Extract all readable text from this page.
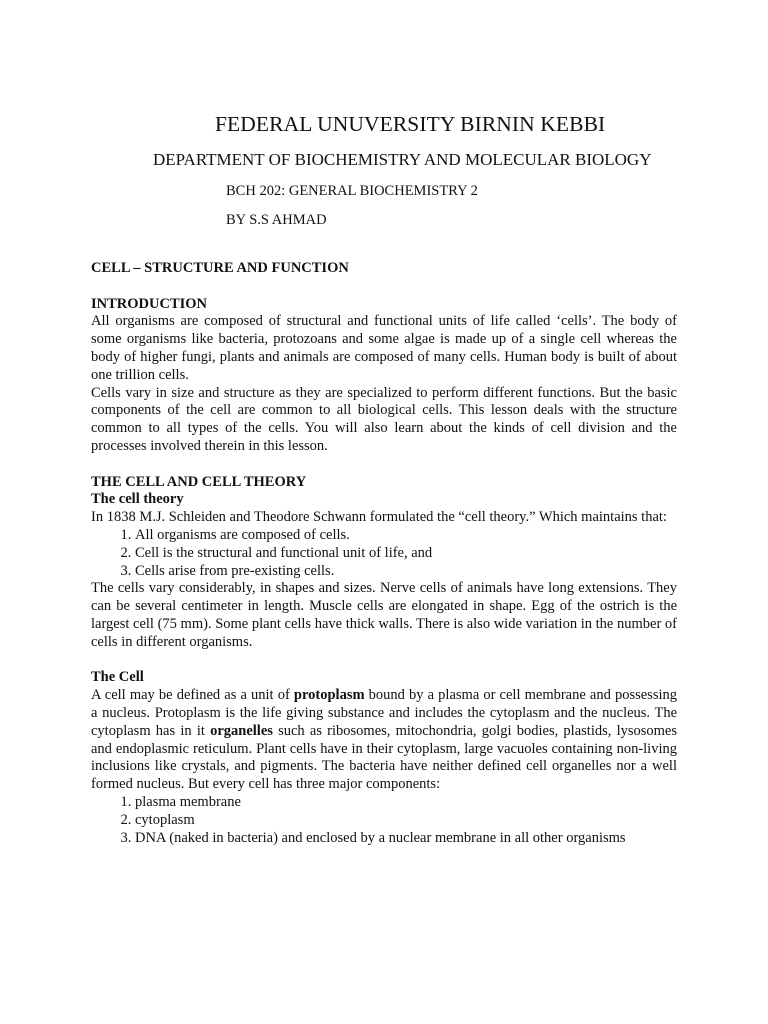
FEDERAL UNUVERSITY BIRNIN KEBBI
DEPARTMENT OF BIOCHEMISTRY AND MOLECULAR BIOLOGY
BCH 202: GENERAL BIOCHEMISTRY 2
BY S.S AHMAD
CELL – STRUCTURE AND FUNCTION
INTRODUCTION

All organisms are composed of structural and functional units of life called ‘cells’. The body of some organisms like bacteria, protozoans and some algae is made up of a single cell whereas the body of higher fungi, plants and animals are composed of many cells. Human body is built of about one trillion cells.

Cells vary in size and structure as they are specialized to perform different functions. But the basic components of the cell are common to all biological cells. This lesson deals with the structure common to all types of the cells. You will also learn about the kinds of cell division and the processes involved therein in this lesson.

THE CELL AND CELL THEORY
The cell theory

In 1838 M.J. Schleiden and Theodore Schwann formulated the “cell theory.” Which maintains that:

1. All organisms are composed of cells.
2. Cell is the structural and functional unit of life, and
3. Cells arise from pre-existing cells.

The cells vary considerably, in shapes and sizes. Nerve cells of animals have long extensions. They can be several centimeter in length. Muscle cells are elongated in shape. Egg of the ostrich is the largest cell (75 mm). Some plant cells have thick walls. There is also wide variation in the number of cells in different organisms.

The Cell

A cell may be defined as a unit of protoplasm bound by a plasma or cell membrane and possessing a nucleus. Protoplasm is the life giving substance and includes the cytoplasm and the nucleus. The cytoplasm has in it organelles such as ribosomes, mitochondria, golgi bodies, plastids, lysosomes and endoplasmic reticulum. Plant cells have in their cytoplasm, large vacuoles containing non-living inclusions like crystals, and pigments. The bacteria have neither defined cell organelles nor a well formed nucleus. But every cell has three major components:

1. plasma membrane
2. cytoplasm
3. DNA (naked in bacteria) and enclosed by a nuclear membrane in all other organisms
